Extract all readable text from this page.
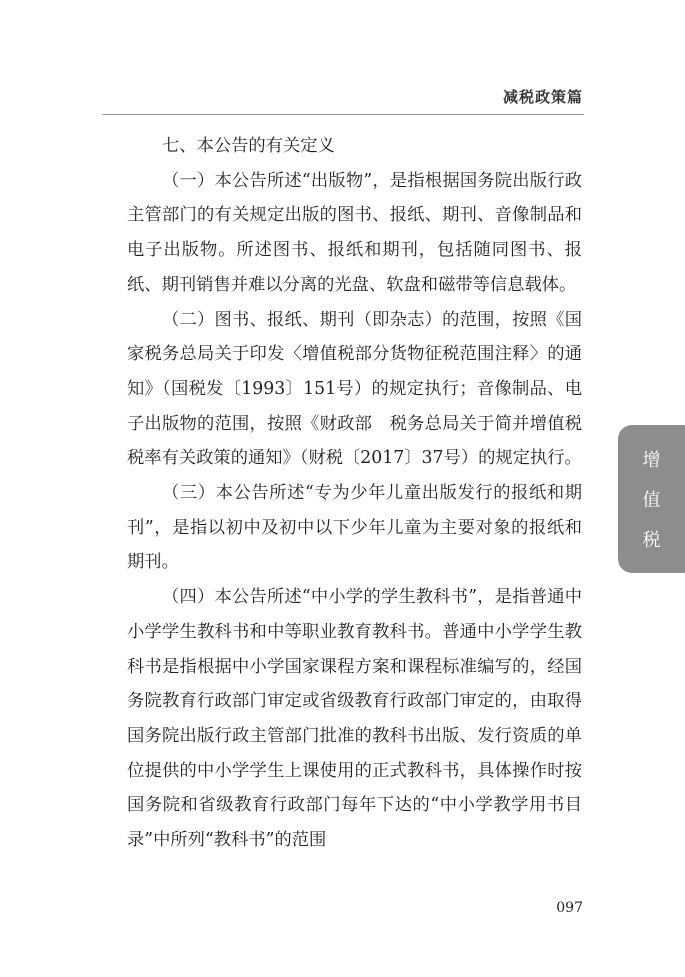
减税政策篇

七、本公告的有关定义

（一）本公告所述“出版物”，是指根据国务院出版行政主管部门的有关规定出版的图书、报纸、期刊、音像制品和电子出版物。所述图书、报纸和期刊，包括随同图书、报纸、期刊销售并难以分离的光盘、软盘和磁带等信息载体。

（二）图书、报纸、期刊（即杂志）的范围，按照《国家税务总局关于印发〈增值税部分货物征税范围注释〉的通知》（国税发〔1993〕151号）的规定执行；音像制品、电子出版物的范围，按照《财政部　税务总局关于简并增值税税率有关政策的通知》（财税〔2017〕37号）的规定执行。

（三）本公告所述“专为少年儿童出版发行的报纸和期刊”，是指以初中及初中以下少年儿童为主要对象的报纸和期刊。

（四）本公告所述“中小学的学生教科书”，是指普通中小学学生教科书和中等职业教育教科书。普通中小学学生教科书是指根据中小学国家课程方案和课程标准编写的，经国务院教育行政部门审定或省级教育行政部门审定的，由取得国务院出版行政主管部门批准的教科书出版、发行资质的单位提供的中小学学生上课使用的正式教科书，具体操作时按国务院和省级教育行政部门每年下达的“中小学教学用书目录”中所列“教科书”的范围

增
值
税
097
